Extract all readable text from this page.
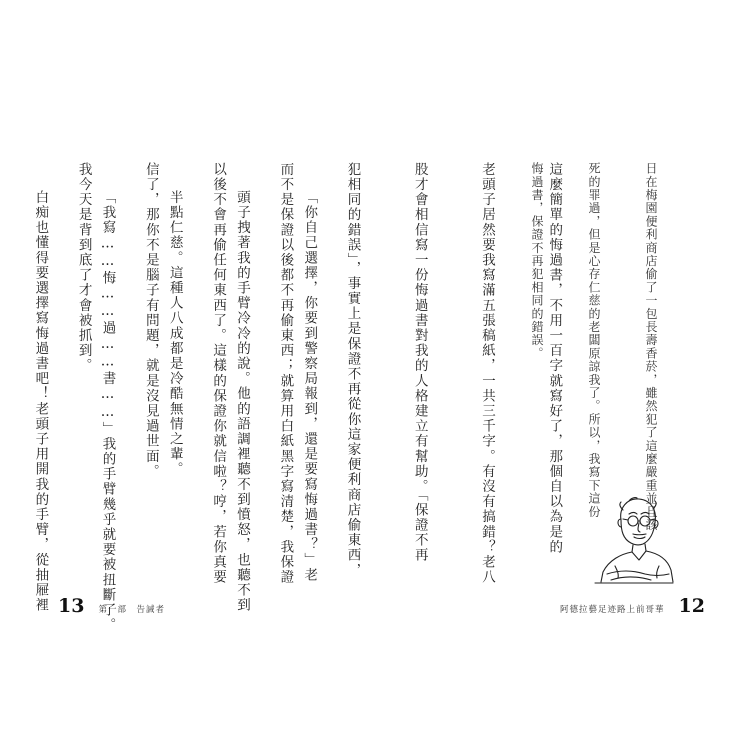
「你自己選擇，你要到警察局報到，還是要寫悔過書？」老

頭子拽著我的手臂冷冷的說。他的語調裡聽不到憤怒，也聽不到

半點仁慈。這種人八成都是冷酷無情之輩。

「我寫……悔……過……書……」我的手臂幾乎就要被扭斷了。

白痴也懂得要選擇寫悔過書吧！老頭子用開我的手臂，從抽屜裡

	日在梅園便利商店偷了一包長壽香菸，雖然犯了這麼嚴重並且該

死的罪過，但是心存仁慈的老闆原諒我了。所以，我寫下這份

悔過書，保證不再犯相同的錯誤。

這麼簡單的悔過書，不用一百字就寫好了，那個自以為是的

老頭子居然要我寫滿五張稿紙，一共三千字。有沒有搞錯？老八

股才會相信寫一份悔過書對我的人格建立有幫助。「保證不再

犯相同的錯誤」，事實上是保證不再從你這家便利商店偷東西，

而不是保證以後都不再偷東西；就算用白紙黑字寫清楚，我保證

以後不會再偷任何東西了。這樣的保證你就信啦？哼，若你真要

信了，那你不是腦子有問題，就是沒見過世面。

我今天是背到底了才會被抓到。

13 第一部　告誡者	阿德拉藝足迹路上前哥華 12
